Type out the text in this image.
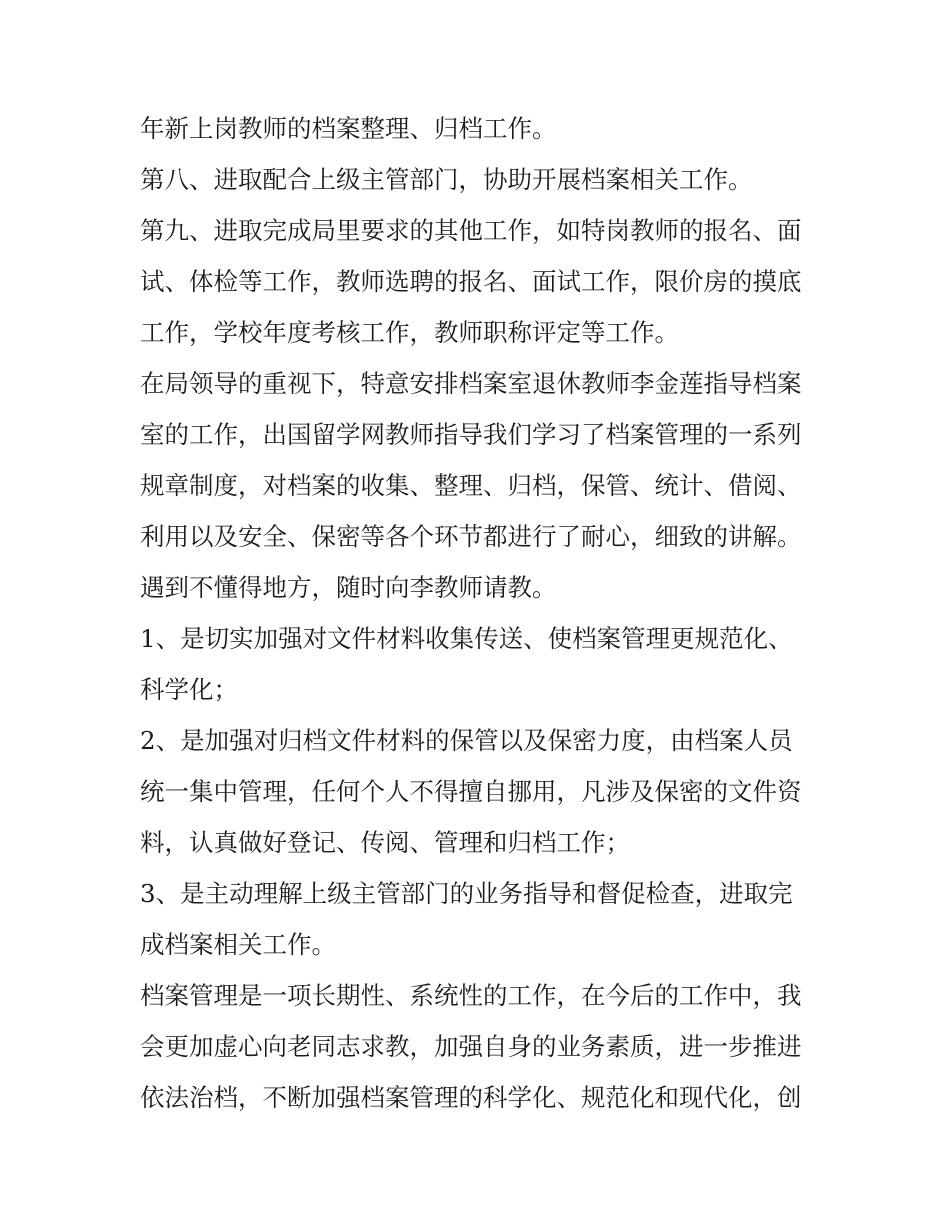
年新上岗教师的档案整理、归档工作。

第八、进取配合上级主管部门，协助开展档案相关工作。

第九、进取完成局里要求的其他工作，如特岗教师的报名、面

试、体检等工作，教师选聘的报名、面试工作，限价房的摸底

工作，学校年度考核工作，教师职称评定等工作。

在局领导的重视下，特意安排档案室退休教师李金莲指导档案

室的工作，出国留学网教师指导我们学习了档案管理的一系列

规章制度，对档案的收集、整理、归档，保管、统计、借阅、

利用以及安全、保密等各个环节都进行了耐心，细致的讲解。

遇到不懂得地方，随时向李教师请教。

1、是切实加强对文件材料收集传送、使档案管理更规范化、

科学化；

2、是加强对归档文件材料的保管以及保密力度，由档案人员

统一集中管理，任何个人不得擅自挪用，凡涉及保密的文件资

料，认真做好登记、传阅、管理和归档工作；

3、是主动理解上级主管部门的业务指导和督促检查，进取完

成档案相关工作。

档案管理是一项长期性、系统性的工作，在今后的工作中，我

会更加虚心向老同志求教，加强自身的业务素质，进一步推进

依法治档，不断加强档案管理的科学化、规范化和现代化，创
